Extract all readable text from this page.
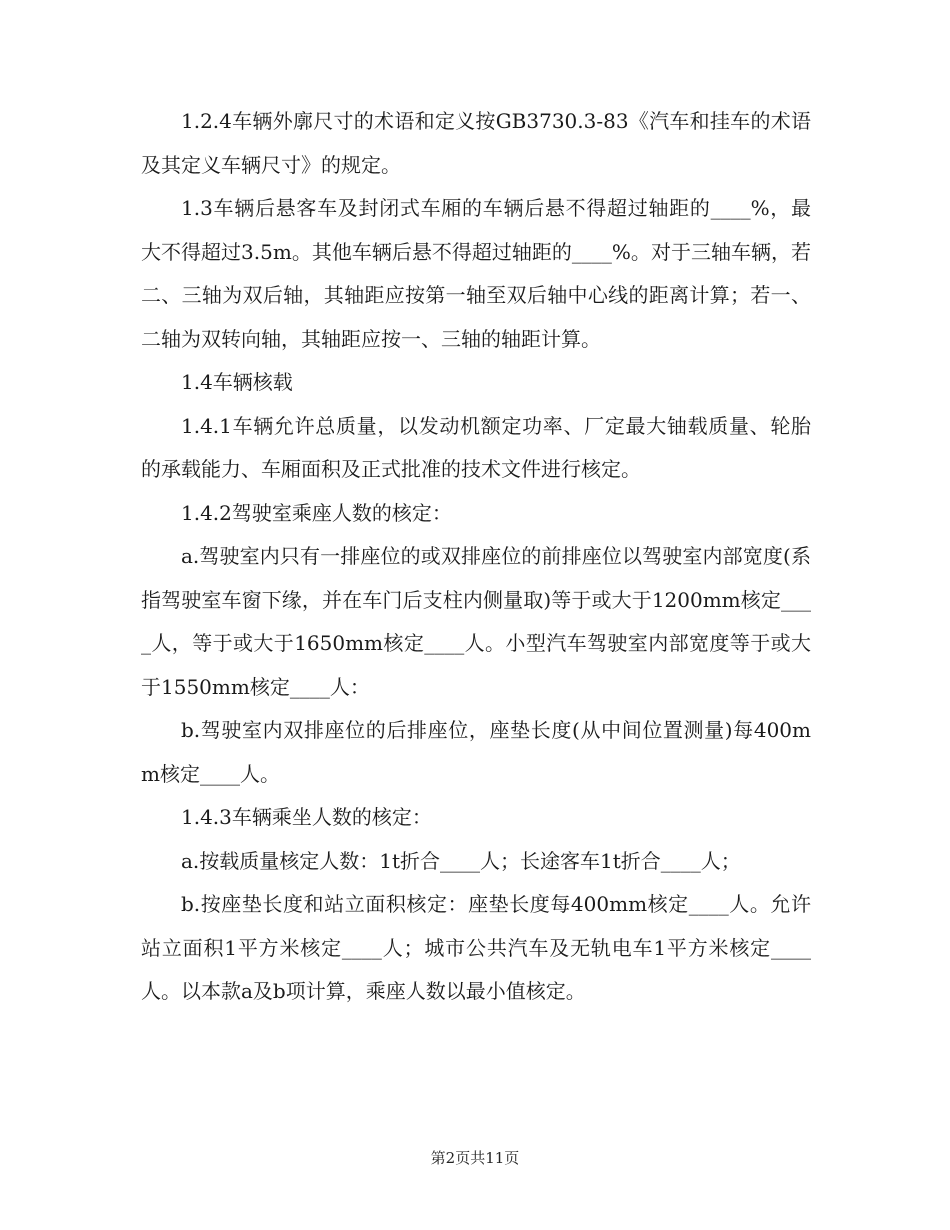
1.2.4车辆外廓尺寸的术语和定义按GB3730.3-83《汽车和挂车的术语及其定义车辆尺寸》的规定。

1.3车辆后悬客车及封闭式车厢的车辆后悬不得超过轴距的____%，最大不得超过3.5m。其他车辆后悬不得超过轴距的____%。对于三轴车辆，若二、三轴为双后轴，其轴距应按第一轴至双后轴中心线的距离计算；若一、二轴为双转向轴，其轴距应按一、三轴的轴距计算。

1.4车辆核载

1.4.1车辆允许总质量，以发动机额定功率、厂定最大铀载质量、轮胎的承载能力、车厢面积及正式批准的技术文件进行核定。

1.4.2驾驶室乘座人数的核定：

a.驾驶室内只有一排座位的或双排座位的前排座位以驾驶室内部宽度(系指驾驶室车窗下缘，并在车门后支柱内侧量取)等于或大于1200mm核定____人，等于或大于1650mm核定____人。小型汽车驾驶室内部宽度等于或大于1550mm核定____人：

b.驾驶室内双排座位的后排座位，座垫长度(从中间位置测量)每400mm核定____人。

1.4.3车辆乘坐人数的核定：

a.按载质量核定人数：1t折合____人；长途客车1t折合____人；

b.按座垫长度和站立面积核定：座垫长度每400mm核定____人。允许站立面积1平方米核定____人；城市公共汽车及无轨电车1平方米核定____人。以本款a及b项计算，乘座人数以最小值核定。

第2页共11页
